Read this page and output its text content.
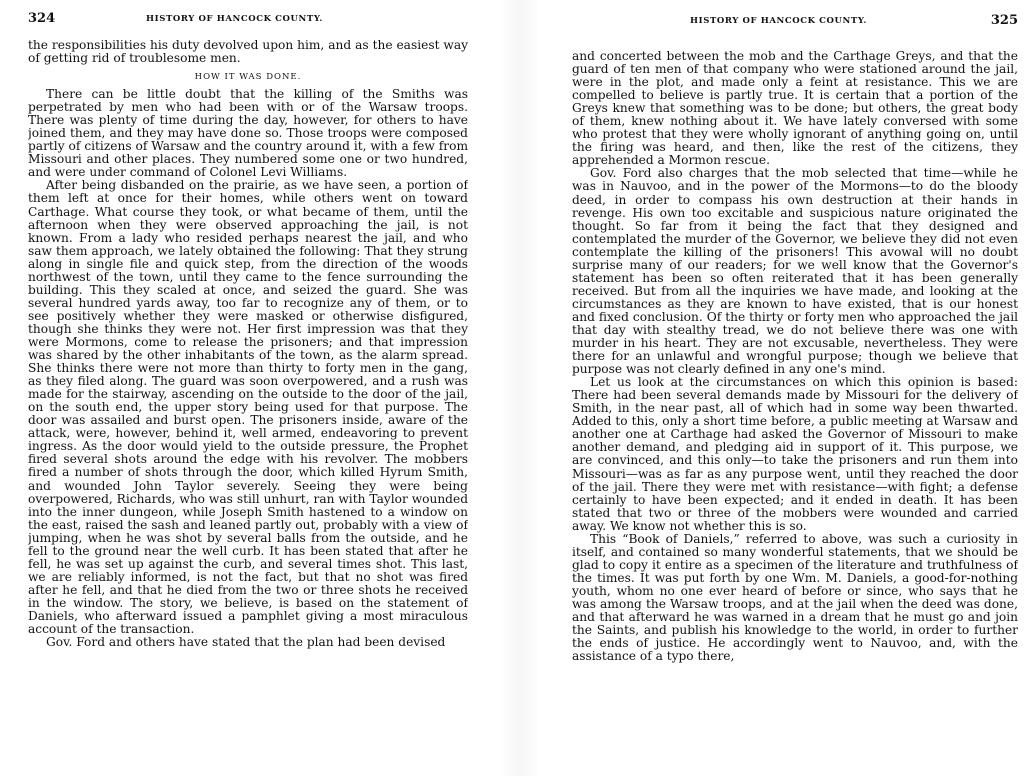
324	HISTORY OF HANCOCK COUNTY.

the responsibilities his duty devolved upon him, and as the easiest way of getting rid of troublesome men.

HOW IT WAS DONE.

There can be little doubt that the killing of the Smiths was perpetrated by men who had been with or of the Warsaw troops. There was plenty of time during the day, however, for others to have joined them, and they may have done so. Those troops were composed partly of citizens of Warsaw and the country around it, with a few from Missouri and other places. They numbered some one or two hundred, and were under command of Colonel Levi Williams.

After being disbanded on the prairie, as we have seen, a portion of them left at once for their homes, while others went on toward Carthage. What course they took, or what became of them, until the afternoon when they were observed approaching the jail, is not known. From a lady who resided perhaps nearest the jail, and who saw them approach, we lately obtained the following: That they strung along in single file and quick step, from the direction of the woods northwest of the town, until they came to the fence surrounding the building. This they scaled at once, and seized the guard. She was several hundred yards away, too far to recognize any of them, or to see positively whether they were masked or otherwise disfigured, though she thinks they were not. Her first impression was that they were Mormons, come to release the prisoners; and that impression was shared by the other inhabitants of the town, as the alarm spread. She thinks there were not more than thirty to forty men in the gang, as they filed along. The guard was soon overpowered, and a rush was made for the stairway, ascending on the outside to the door of the jail, on the south end, the upper story being used for that purpose. The door was assailed and burst open. The prisoners inside, aware of the attack, were, however, behind it, well armed, endeavoring to prevent ingress. As the door would yield to the outside pressure, the Prophet fired several shots around the edge with his revolver. The mobbers fired a number of shots through the door, which killed Hyrum Smith, and wounded John Taylor severely. Seeing they were being overpowered, Richards, who was still unhurt, ran with Taylor wounded into the inner dungeon, while Joseph Smith hastened to a window on the east, raised the sash and leaned partly out, probably with a view of jumping, when he was shot by several balls from the outside, and he fell to the ground near the well curb. It has been stated that after he fell, he was set up against the curb, and several times shot. This last, we are reliably informed, is not the fact, but that no shot was fired after he fell, and that he died from the two or three shots he received in the window. The story, we believe, is based on the statement of Daniels, who afterward issued a pamphlet giving a most miraculous account of the transaction.

Gov. Ford and others have stated that the plan had been devised

HISTORY OF HANCOCK COUNTY.	325

and concerted between the mob and the Carthage Greys, and that the guard of ten men of that company who were stationed around the jail, were in the plot, and made only a feint at resistance. This we are compelled to believe is partly true. It is certain that a portion of the Greys knew that something was to be done; but others, the great body of them, knew nothing about it. We have lately conversed with some who protest that they were wholly ignorant of anything going on, until the firing was heard, and then, like the rest of the citizens, they apprehended a Mormon rescue.

Gov. Ford also charges that the mob selected that time—while he was in Nauvoo, and in the power of the Mormons—to do the bloody deed, in order to compass his own destruction at their hands in revenge. His own too excitable and suspicious nature originated the thought. So far from it being the fact that they designed and contemplated the murder of the Governor, we believe they did not even contemplate the killing of the prisoners! This avowal will no doubt surprise many of our readers; for we well know that the Governor's statement has been so often reiterated that it has been generally received. But from all the inquiries we have made, and looking at the circumstances as they are known to have existed, that is our honest and fixed conclusion. Of the thirty or forty men who approached the jail that day with stealthy tread, we do not believe there was one with murder in his heart. They are not excusable, nevertheless. They were there for an unlawful and wrongful purpose; though we believe that purpose was not clearly defined in any one's mind.

Let us look at the circumstances on which this opinion is based: There had been several demands made by Missouri for the delivery of Smith, in the near past, all of which had in some way been thwarted. Added to this, only a short time before, a public meeting at Warsaw and another one at Carthage had asked the Governor of Missouri to make another demand, and pledging aid in support of it. This purpose, we are convinced, and this only—to take the prisoners and run them into Missouri—was as far as any purpose went, until they reached the door of the jail. There they were met with resistance—with fight; a defense certainly to have been expected; and it ended in death. It has been stated that two or three of the mobbers were wounded and carried away. We know not whether this is so.

This “Book of Daniels,” referred to above, was such a curiosity in itself, and contained so many wonderful statements, that we should be glad to copy it entire as a specimen of the literature and truthfulness of the times. It was put forth by one Wm. M. Daniels, a good-for-nothing youth, whom no one ever heard of before or since, who says that he was among the Warsaw troops, and at the jail when the deed was done, and that afterward he was warned in a dream that he must go and join the Saints, and publish his knowledge to the world, in order to further the ends of justice. He accordingly went to Nauvoo, and, with the assistance of a typo there,
